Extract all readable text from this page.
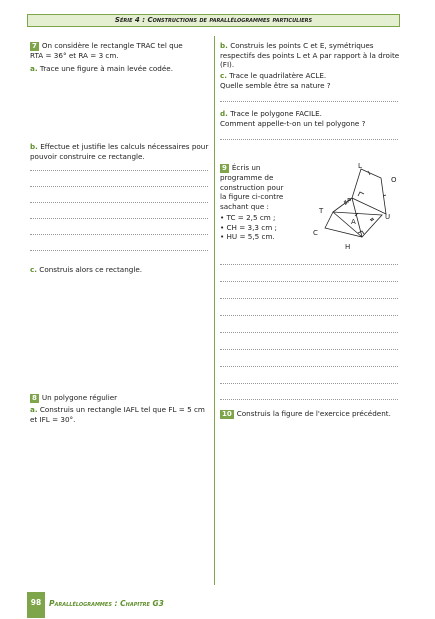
Série 4 : Constructions de parallélogrammes particuliers
7 On considère le rectangle TRAC tel que
RTA = 36° et RA = 3 cm.
a. Trace une figure à main levée codée.
b. Effectue et justifie les calculs nécessaires pour
pouvoir construire ce rectangle.
c. Construis alors ce rectangle.
8 Un polygone régulier
a. Construis un rectangle IAFL tel que FL = 5 cm
et IFL = 30°.
b. Construis les points C et E, symétriques
respectifs des points L et A par rapport à la droite
(FI).
c. Trace le quadrilatère ACLE.
Quelle semble être sa nature ?
d. Trace le polygone FACILE.
Comment appelle-t-on un tel polygone ?
9 Écris un
programme de
construction pour
la figure ci-contre
sachant que :
• TC = 2,5 cm ;
• CH = 3,3 cm ;
• HU = 5,5 cm.
L
O
P
T
A
U
C
H
10 Construis la figure de l'exercice précédent.
98	Parallélogrammes : Chapitre G3
